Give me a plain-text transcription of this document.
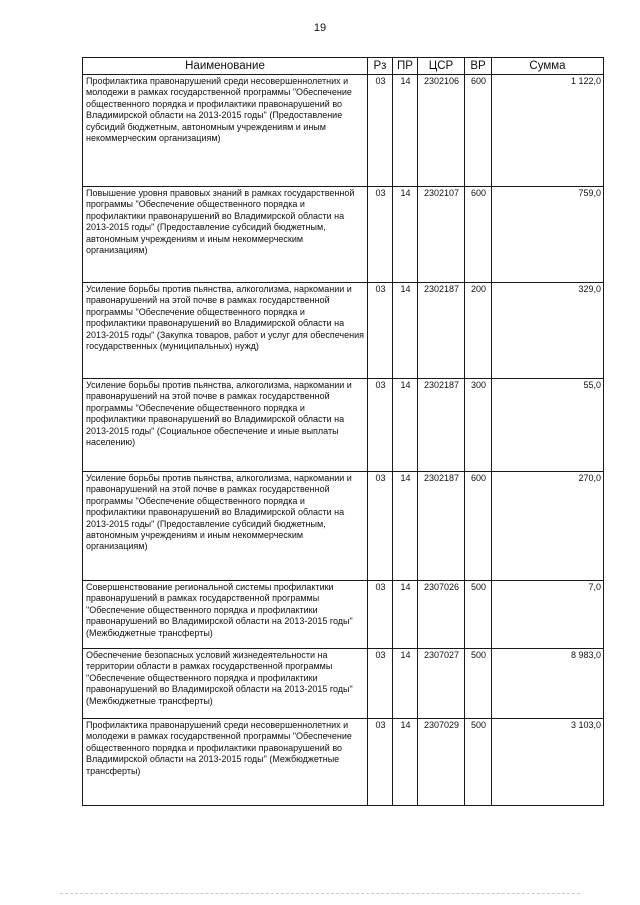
19
Наименование	Рз	ПР	ЦСР	ВР	Сумма
Профилактика правонарушений среди несовершеннолетних и молодежи в рамках государственной программы "Обеспечение общественного порядка и профилактики правонарушений во Владимирской области на 2013-2015 годы" (Предоставление субсидий бюджетным, автономным учреждениям и иным некоммерческим организациям)	03	14	2302106	600	1 122,0
Повышение уровня правовых знаний в рамках государственной программы "Обеспечение общественного порядка и профилактики правонарушений во Владимирской области на 2013-2015 годы" (Предоставление субсидий бюджетным, автономным учреждениям и иным некоммерческим организациям)	03	14	2302107	600	759,0
Усиление борьбы против пьянства, алкоголизма, наркомании и правонарушений на этой почве в рамках государственной программы "Обеспечение общественного порядка и профилактики правонарушений во Владимирской области на 2013-2015 годы" (Закупка товаров, работ и услуг для обеспечения государственных (муниципальных) нужд)	03	14	2302187	200	329,0
Усиление борьбы против пьянства, алкоголизма, наркомании и правонарушений на этой почве в рамках государственной программы "Обеспечение общественного порядка и профилактики правонарушений во Владимирской области на 2013-2015 годы" (Социальное обеспечение и иные выплаты населению)	03	14	2302187	300	55,0
Усиление борьбы против пьянства, алкоголизма, наркомании и правонарушений на этой почве в рамках государственной программы "Обеспечение общественного порядка и профилактики правонарушений во Владимирской области на 2013-2015 годы" (Предоставление субсидий бюджетным, автономным учреждениям и иным некоммерческим организациям)	03	14	2302187	600	270,0
Совершенствование региональной системы профилактики правонарушений в рамках государственной программы "Обеспечение общественного порядка и профилактики правонарушений во Владимирской области на 2013-2015 годы" (Межбюджетные трансферты)	03	14	2307026	500	7,0
Обеспечение безопасных условий жизнедеятельности на территории области в рамках государственной программы "Обеспечение общественного порядка и профилактики правонарушений во Владимирской области на 2013-2015 годы" (Межбюджетные трансферты)	03	14	2307027	500	8 983,0
Профилактика правонарушений среди несовершеннолетних и молодежи в рамках государственной программы "Обеспечение общественного порядка и профилактики правонарушений во Владимирской области на 2013-2015 годы" (Межбюджетные трансферты)	03	14	2307029	500	3 103,0
